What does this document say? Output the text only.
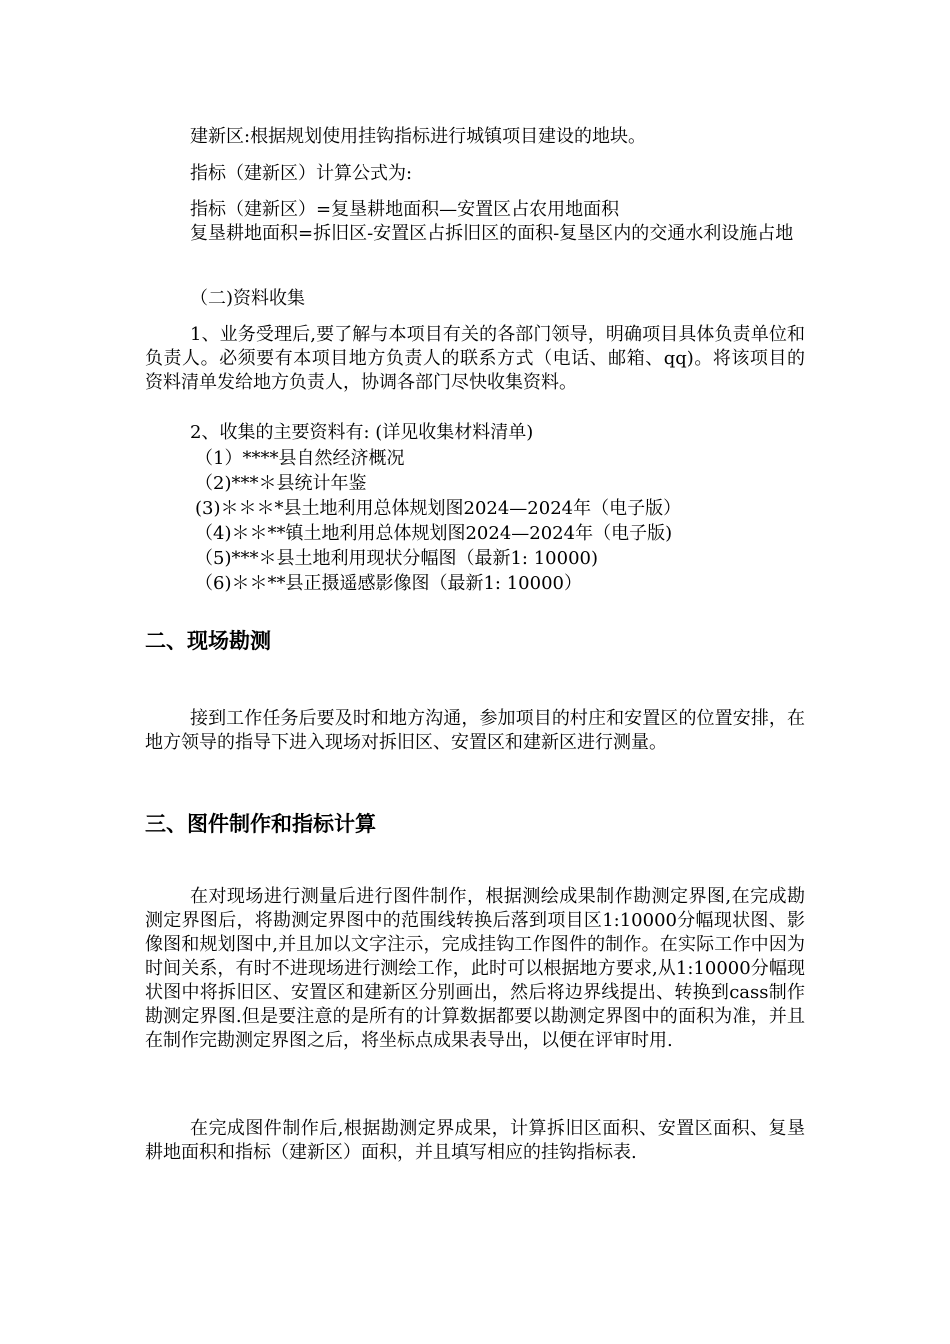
建新区:根据规划使用挂钩指标进行城镇项目建设的地块。

指标（建新区）计算公式为:

指标（建新区）=复垦耕地面积—安置区占农用地面积

复垦耕地面积=拆旧区-安置区占拆旧区的面积-复垦区内的交通水利设施占地

（二)资料收集

1、业务受理后,要了解与本项目有关的各部门领导，明确项目具体负责单位和负责人。必须要有本项目地方负责人的联系方式（电话、邮箱、qq)。将该项目的资料清单发给地方负责人，协调各部门尽快收集资料。

2、收集的主要资料有: (详见收集材料清单)

（1）****县自然经济概况

（2)***＊县统计年鉴

(3)＊＊＊*县土地利用总体规划图2024—2024年（电子版）

（4)＊＊**镇土地利用总体规划图2024—2024年（电子版)

（5)***＊县土地利用现状分幅图（最新1: 10000)

（6)＊＊**县正摄遥感影像图（最新1: 10000）

二、现场勘测

接到工作任务后要及时和地方沟通，参加项目的村庄和安置区的位置安排，在地方领导的指导下进入现场对拆旧区、安置区和建新区进行测量。

三、图件制作和指标计算

在对现场进行测量后进行图件制作，根据测绘成果制作勘测定界图,在完成勘测定界图后，将勘测定界图中的范围线转换后落到项目区1:10000分幅现状图、影像图和规划图中,并且加以文字注示，完成挂钩工作图件的制作。在实际工作中因为时间关系，有时不进现场进行测绘工作，此时可以根据地方要求,从1:10000分幅现状图中将拆旧区、安置区和建新区分别画出，然后将边界线提出、转换到cass制作勘测定界图.但是要注意的是所有的计算数据都要以勘测定界图中的面积为准，并且在制作完勘测定界图之后，将坐标点成果表导出，以便在评审时用.

在完成图件制作后,根据勘测定界成果，计算拆旧区面积、安置区面积、复垦耕地面积和指标（建新区）面积，并且填写相应的挂钩指标表.
